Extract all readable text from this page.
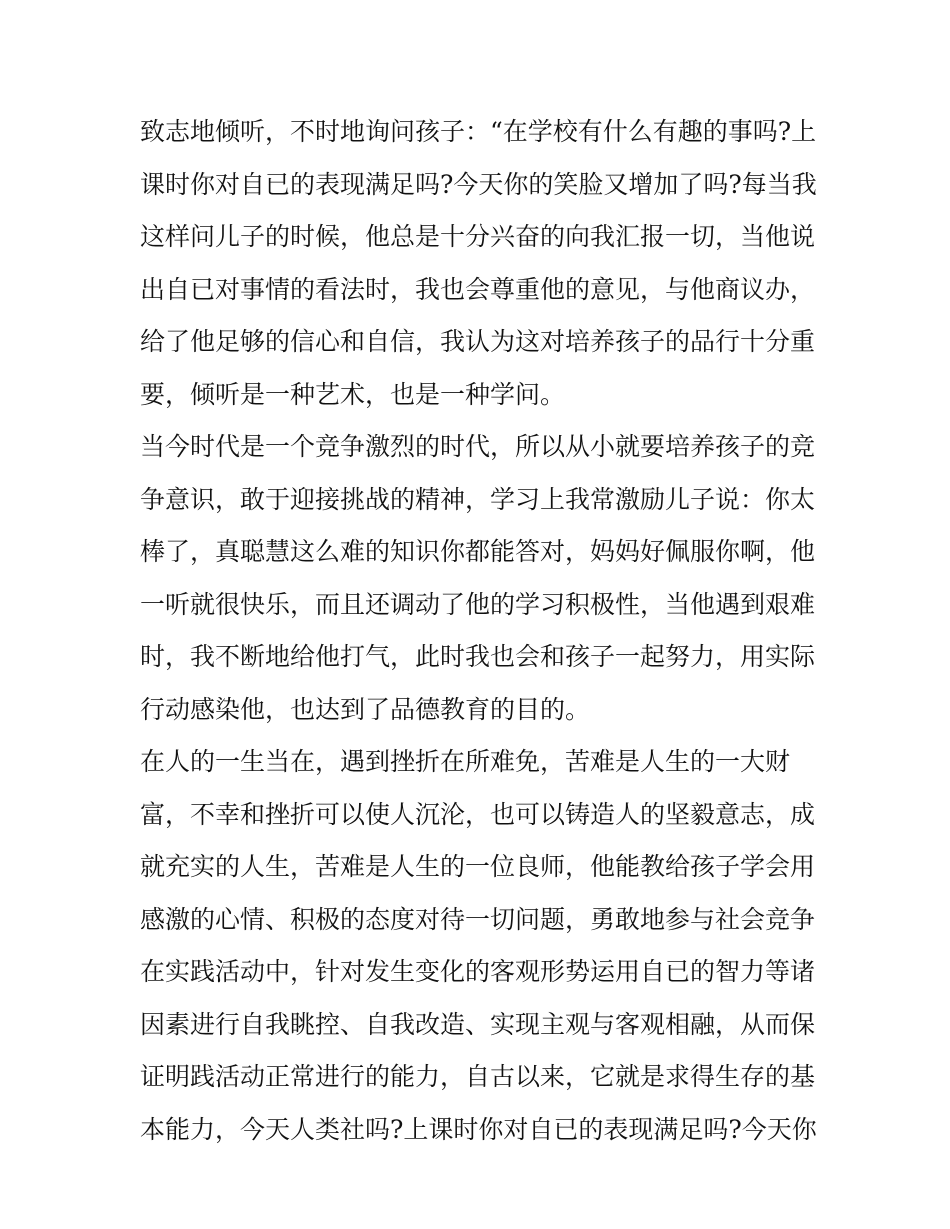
致志地倾听，不时地询问孩子：“在学校有什么有趣的事吗?上
课时你对自已的表现满足吗?今天你的笑脸又增加了吗?每当我
这样问儿子的时候，他总是十分兴奋的向我汇报一切，当他说
出自已对事情的看法时，我也会尊重他的意见，与他商议办，
给了他足够的信心和自信，我认为这对培养孩子的品行十分重
要，倾听是一种艺术，也是一种学问。
当今时代是一个竞争激烈的时代，所以从小就要培养孩子的竞
争意识，敢于迎接挑战的精神，学习上我常激励儿子说：你太
棒了，真聪慧这么难的知识你都能答对，妈妈好佩服你啊，他
一听就很快乐，而且还调动了他的学习积极性，当他遇到艰难
时，我不断地给他打气，此时我也会和孩子一起努力，用实际
行动感染他，也达到了品德教育的目的。
在人的一生当在，遇到挫折在所难免，苦难是人生的一大财
富，不幸和挫折可以使人沉沦，也可以铸造人的坚毅意志，成
就充实的人生，苦难是人生的一位良师，他能教给孩子学会用
感激的心情、积极的态度对待一切问题，勇敢地参与社会竞争
在实践活动中，针对发生变化的客观形势运用自已的智力等诸
因素进行自我眺控、自我改造、实现主观与客观相融，从而保
证明践活动正常进行的能力，自古以来，它就是求得生存的基
本能力，今天人类社吗?上课时你对自已的表现满足吗?今天你
